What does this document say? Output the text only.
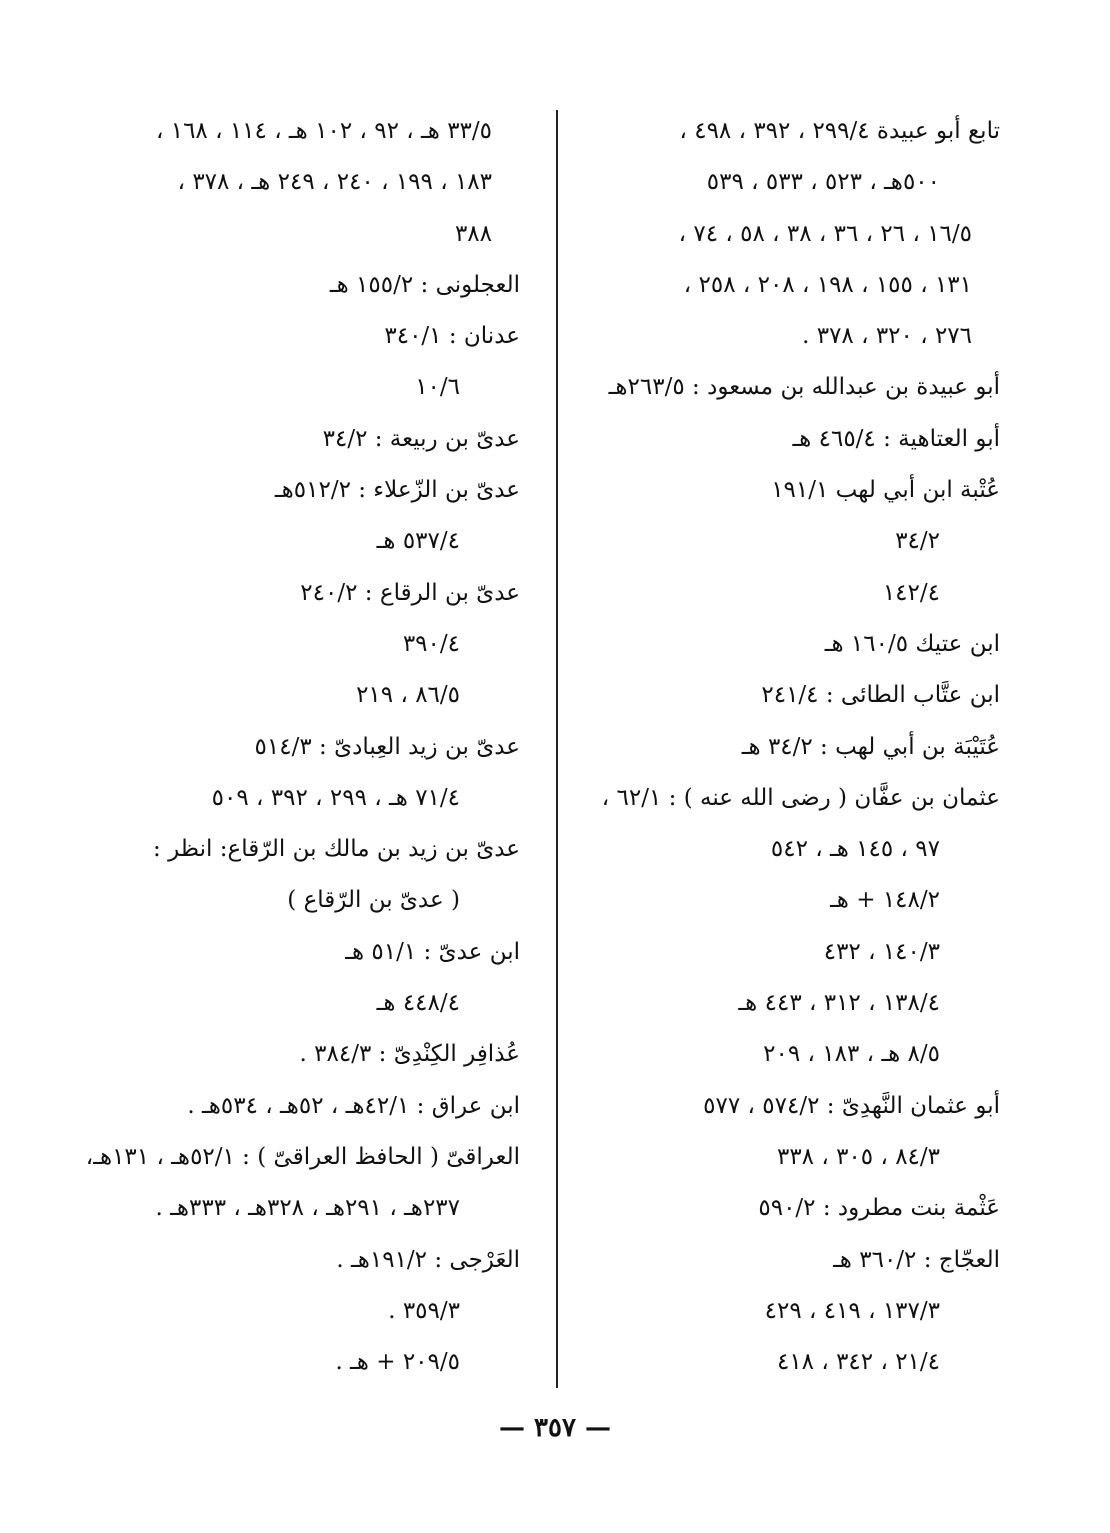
تابع أبو عبيدة ٢٩٩/٤ ، ٣٩٢ ، ٤٩٨ ،
٥٠٠هـ ، ٥٢٣ ، ٥٣٣ ، ٥٣٩
١٦/٥ ، ٢٦ ، ٣٦ ، ٣٨ ، ٥٨ ، ٧٤ ،
١٣١ ، ١٥٥ ، ١٩٨ ، ٢٠٨ ، ٢٥٨ ،
٢٧٦ ، ٣٢٠ ، ٣٧٨ .
أبو عبيدة بن عبدالله بن مسعود : ٢٦٣/٥هـ
أبو العتاهية : ٤٦٥/٤ هـ
عُتْبة ابن أبي لهب ١٩١/١
٣٤/٢
١٤٢/٤
ابن عتيك ١٦٠/٥ هـ
ابن عتَّاب الطائى : ٢٤١/٤
عُتَيْبَة بن أبي لهب : ٣٤/٢ هـ
عثمان بن عفَّان ( رضى الله عنه ) : ٦٢/١ ،
٩٧ ، ١٤٥ هـ ، ٥٤٢
١٤٨/٢ + هـ
١٤٠/٣ ، ٤٣٢
١٣٨/٤ ، ٣١٢ ، ٤٤٣ هـ
٨/٥ هـ ، ١٨٣ ، ٢٠٩
أبو عثمان النَّهدِىّ : ٥٧٤/٢ ، ٥٧٧
٨٤/٣ ، ٣٠٥ ، ٣٣٨
عَثْمة بنت مطرود : ٥٩٠/٢
العجّاج : ٣٦٠/٢ هـ
١٣٧/٣ ، ٤١٩ ، ٤٢٩
٢١/٤ ، ٣٤٢ ، ٤١٨
٣٣/٥ هـ ، ٩٢ ، ١٠٢ هـ ، ١١٤ ، ١٦٨ ،
١٨٣ ، ١٩٩ ، ٢٤٠ ، ٢٤٩ هـ ، ٣٧٨ ،
٣٨٨
العجلونى : ١٥٥/٢ هـ
عدنان : ٣٤٠/١
١٠/٦
عدىّ بن ربيعة : ٣٤/٢
عدىّ بن الزّعلاء : ٥١٢/٢هـ
٥٣٧/٤ هـ
عدىّ بن الرقاع : ٢٤٠/٢
٣٩٠/٤
٨٦/٥ ، ٢١٩
عدىّ بن زيد العِبادىّ : ٥١٤/٣
٧١/٤ هـ ، ٢٩٩ ، ٣٩٢ ، ٥٠٩
عدىّ بن زيد بن مالك بن الرّقاع: انظر :
( عدىّ بن الرّقاع )
ابن عدىّ : ٥١/١ هـ
٤٤٨/٤ هـ
عُذافِر الكِنْدِىّ : ٣٨٤/٣ .
ابن عراق : ٤٢/١هـ ، ٥٢هـ ، ٥٣٤هـ .
العراقىّ ( الحافظ العراقىّ ) : ٥٢/١هـ ، ١٣١هـ،
٢٣٧هـ ، ٢٩١هـ ، ٣٢٨هـ ، ٣٣٣هـ .
العَرْجى : ١٩١/٢هـ .
٣٥٩/٣ .
٢٠٩/٥ + هـ .
— ٣٥٧ —
